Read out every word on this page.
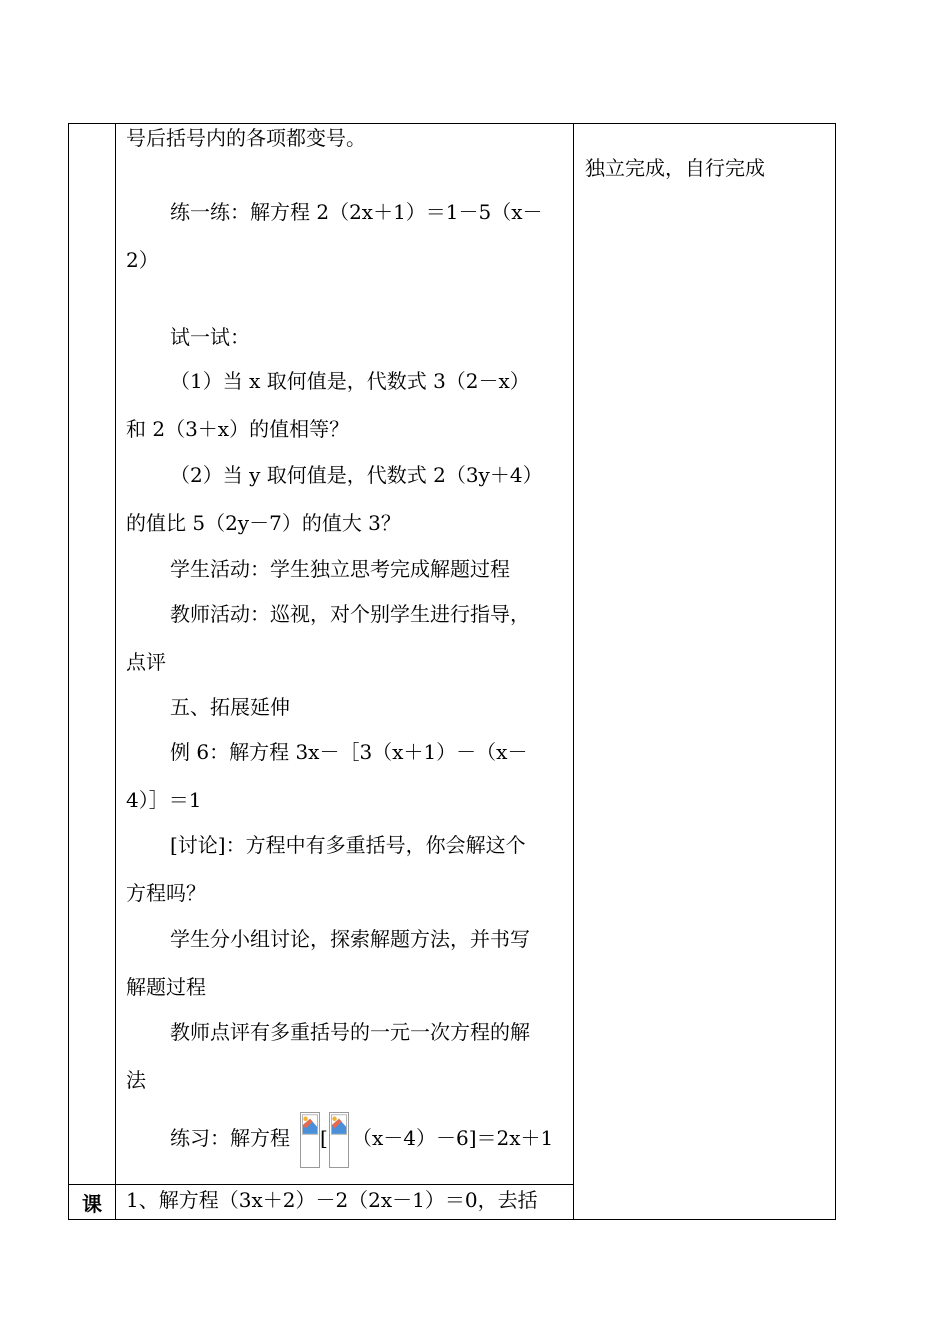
号后括号内的各项都变号。
练一练：解方程 2（2x＋1）＝1－5（x－
2）
试一试：
（1）当 x 取何值是，代数式 3（2－x）
和 2（3＋x）的值相等？
（2）当 y 取何值是，代数式 2（3y＋4）
的值比 5（2y－7）的值大 3？
学生活动：学生独立思考完成解题过程
教师活动：巡视，对个别学生进行指导，
点评
五、拓展延伸
例 6：解方程 3x－［3（x＋1）－（x－
4）］＝1
[讨论]：方程中有多重括号，你会解这个
方程吗？
学生分小组讨论，探索解题方法，并书写
解题过程
教师点评有多重括号的一元一次方程的解
法
练习：解方程 [ （x－4）－6]＝2x＋1
课 1、解方程（3x＋2）－2（2x－1）＝0，去括
独立完成，自行完成
